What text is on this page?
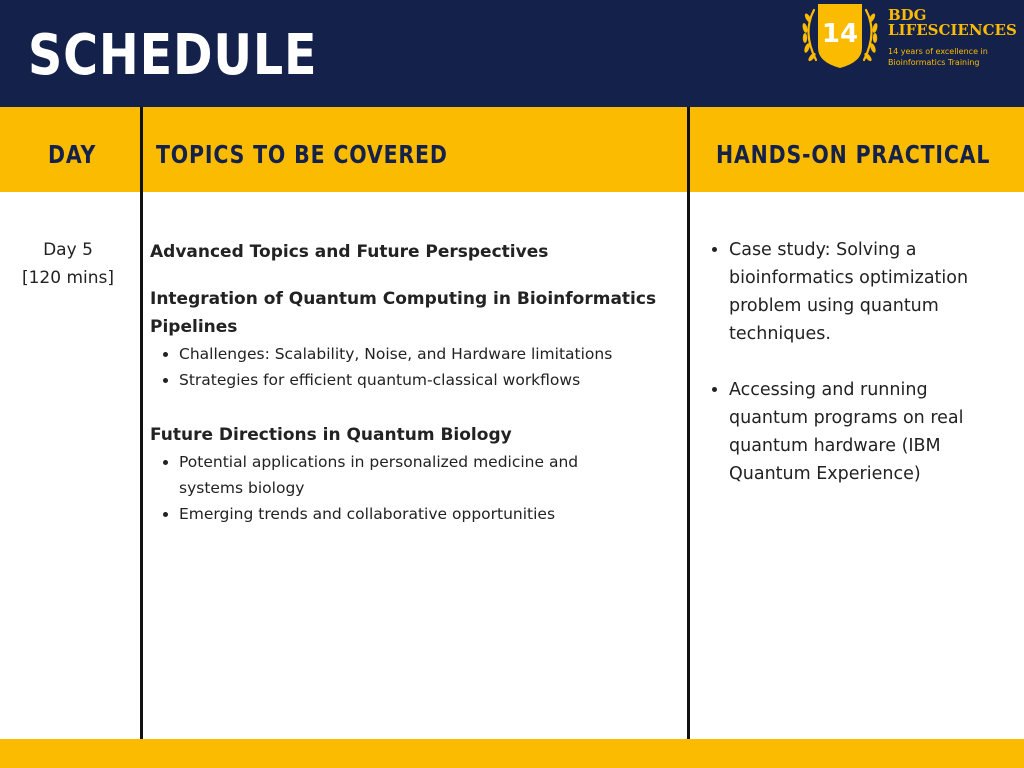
SCHEDULE	14
BDG
LIFESCIENCES
14 years of excellence in
Bioinformatics Training
DAY TOPICS TO BE COVERED	HANDS-ON PRACTICAL
Day 5
[120 mins]

Advanced Topics and Future Perspectives

Integration of Quantum Computing in Bioinformatics Pipelines

• Challenges: Scalability, Noise, and Hardware limitations
• Strategies for efficient quantum-classical workflows

Future Directions in Quantum Biology

• Potential applications in personalized medicine and systems biology
• Emerging trends and collaborative opportunities
• Case study: Solving a bioinformatics optimization problem using quantum techniques.
• Accessing and running quantum programs on real quantum hardware (IBM Quantum Experience)
